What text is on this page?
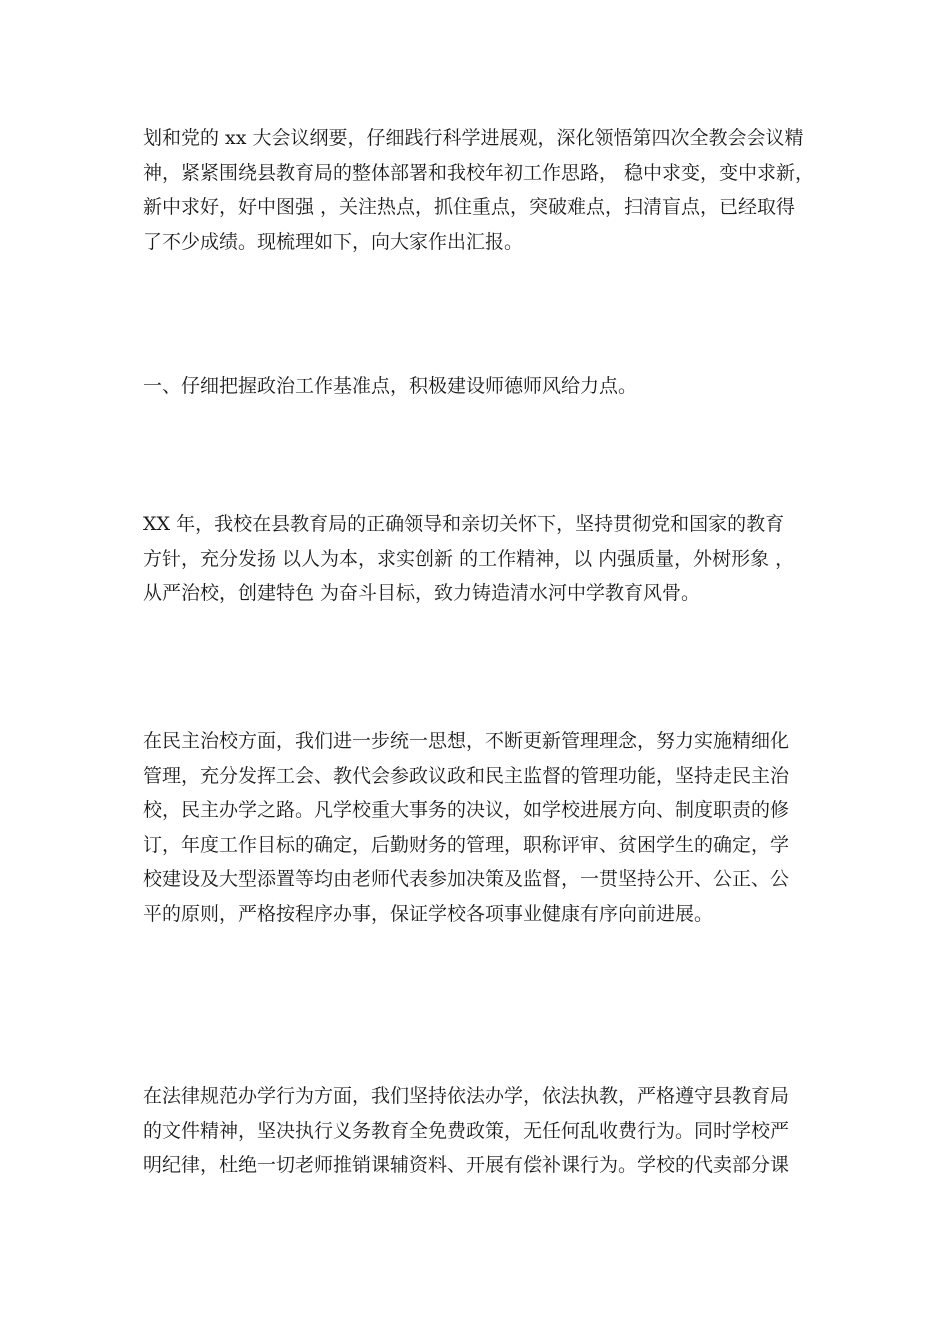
划和党的 xx 大会议纲要，仔细践行科学进展观，深化领悟第四次全教会会议精
神，紧紧围绕县教育局的整体部署和我校年初工作思路， 稳中求变，变中求新，
新中求好，好中图强 ，关注热点，抓住重点，突破难点，扫清盲点，已经取得
了不少成绩。现梳理如下，向大家作出汇报。
一、仔细把握政治工作基准点，积极建设师德师风给力点。
XX 年，我校在县教育局的正确领导和亲切关怀下，坚持贯彻党和国家的教育
方针，充分发扬 以人为本，求实创新 的工作精神，以 内强质量，外树形象 ，
从严治校，创建特色 为奋斗目标，致力铸造清水河中学教育风骨。
在民主治校方面，我们进一步统一思想，不断更新管理理念，努力实施精细化
管理，充分发挥工会、教代会参政议政和民主监督的管理功能，坚持走民主治
校，民主办学之路。凡学校重大事务的决议，如学校进展方向、制度职责的修
订，年度工作目标的确定，后勤财务的管理，职称评审、贫困学生的确定，学
校建设及大型添置等均由老师代表参加决策及监督，一贯坚持公开、公正、公
平的原则，严格按程序办事，保证学校各项事业健康有序向前进展。
在法律规范办学行为方面，我们坚持依法办学，依法执教，严格遵守县教育局
的文件精神，坚决执行义务教育全免费政策，无任何乱收费行为。同时学校严
明纪律，杜绝一切老师推销课辅资料、开展有偿补课行为。学校的代卖部分课
